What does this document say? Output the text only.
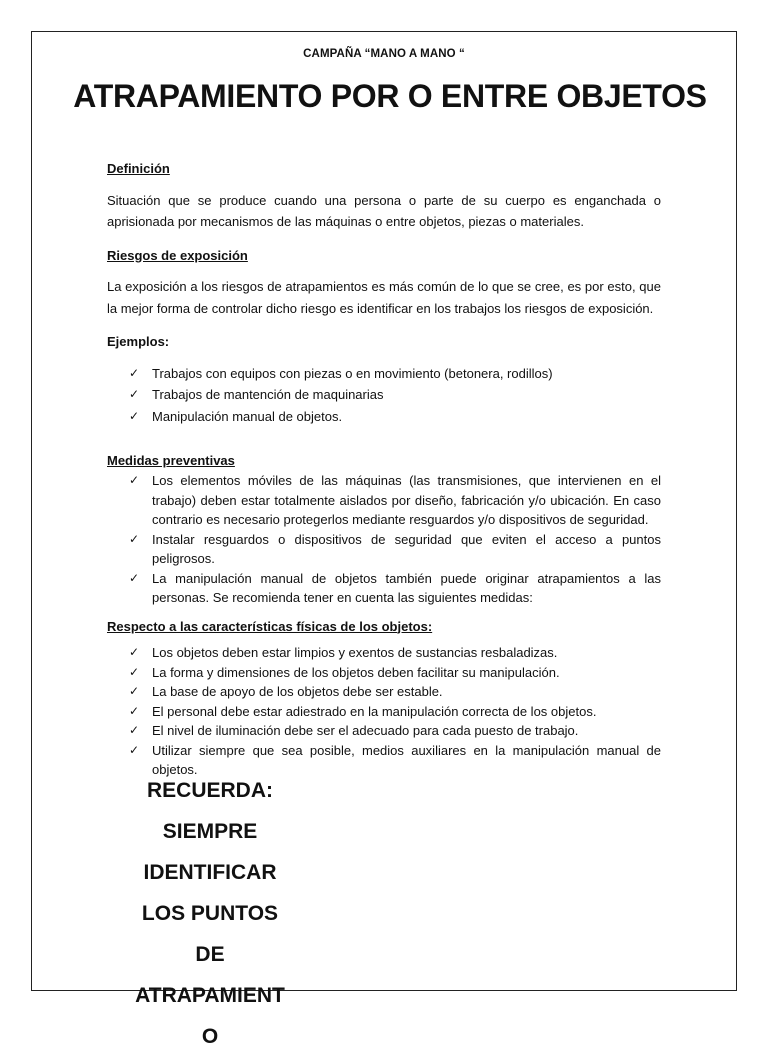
CAMPAÑA “MANO A MANO “
ATRAPAMIENTO POR O ENTRE OBJETOS

Definición

Situación que se produce cuando una persona o parte de su cuerpo es enganchada o aprisionada por mecanismos de las máquinas o entre objetos, piezas o materiales.

Riesgos de exposición

La exposición a los riesgos de atrapamientos es más común de lo que se cree, es por esto, que la mejor forma de controlar dicho riesgo es identificar en los trabajos los riesgos de exposición.

Ejemplos:

✓ Trabajos con equipos con piezas o en movimiento (betonera, rodillos)
✓ Trabajos de mantención de maquinarias
✓ Manipulación manual de objetos.

Medidas preventivas

✓ Los elementos móviles de las máquinas (las transmisiones, que intervienen en el trabajo) deben estar totalmente aislados por diseño, fabricación y/o ubicación. En caso contrario es necesario protegerlos mediante resguardos y/o dispositivos de seguridad.
✓ Instalar resguardos o dispositivos de seguridad que eviten el acceso a puntos peligrosos.
✓ La manipulación manual de objetos también puede originar atrapamientos a las personas. Se recomienda tener en cuenta las siguientes medidas:

Respecto a las características físicas de los objetos:

✓ Los objetos deben estar limpios y exentos de sustancias resbaladizas.
✓ La forma y dimensiones de los objetos deben facilitar su manipulación.
✓ La base de apoyo de los objetos debe ser estable.
✓ El personal debe estar adiestrado en la manipulación correcta de los objetos.
✓ El nivel de iluminación debe ser el adecuado para cada puesto de trabajo.
✓ Utilizar siempre que sea posible, medios auxiliares en la manipulación manual de objetos.
RECUERDA:
SIEMPRE
IDENTIFICAR
LOS PUNTOS
DE
ATRAPAMIENT
O
